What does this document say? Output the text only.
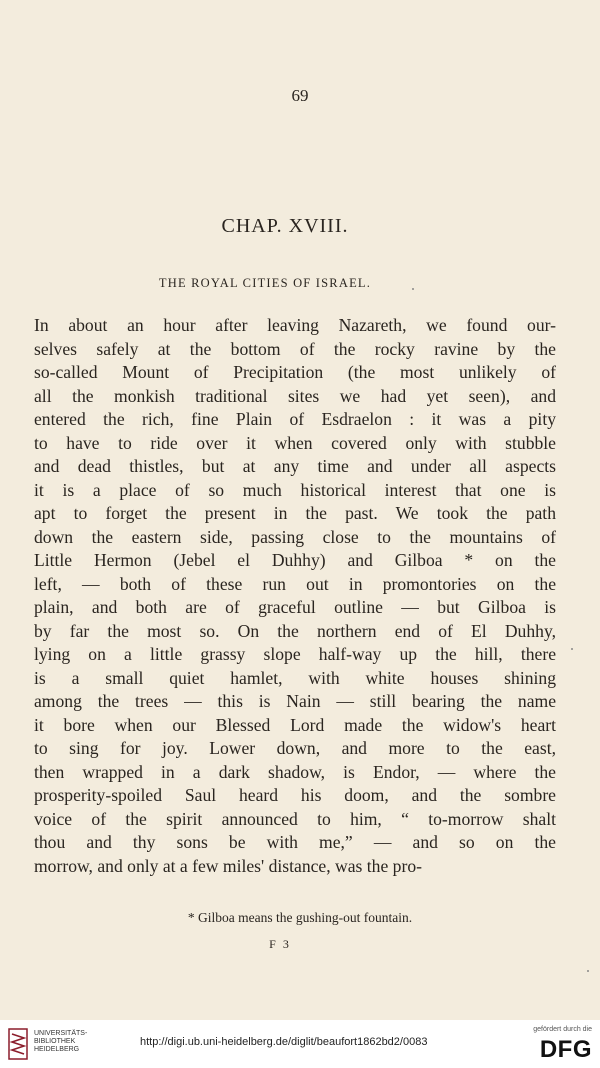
69
CHAP. XVIII.
THE ROYAL CITIES OF ISRAEL.
In about an hour after leaving Nazareth, we found our-
selves safely at the bottom of the rocky ravine by the
so-called Mount of Precipitation (the most unlikely of
all the monkish traditional sites we had yet seen), and
entered the rich, fine Plain of Esdraelon : it was a pity
to have to ride over it when covered only with stubble
and dead thistles, but at any time and under all aspects
it is a place of so much historical interest that one is
apt to forget the present in the past. We took the path
down the eastern side, passing close to the mountains of
Little Hermon (Jebel el Duhhy) and Gilboa * on the
left, — both of these run out in promontories on the
plain, and both are of graceful outline — but Gilboa is
by far the most so. On the northern end of El Duhhy,
lying on a little grassy slope half-way up the hill, there
is a small quiet hamlet, with white houses shining
among the trees — this is Nain — still bearing the name
it bore when our Blessed Lord made the widow's heart
to sing for joy. Lower down, and more to the east,
then wrapped in a dark shadow, is Endor, — where the
prosperity-spoiled Saul heard his doom, and the sombre
voice of the spirit announced to him, “ to-morrow shalt
thou and thy sons be with me,” — and so on the
morrow, and only at a few miles' distance, was the pro-
* Gilboa means the gushing-out fountain.
F 3
UNIVERSITÄTS-
BIBLIOTHEK
HEIDELBERG
http://digi.ub.uni-heidelberg.de/diglit/beaufort1862bd2/0083
gefördert durch die
DFG
